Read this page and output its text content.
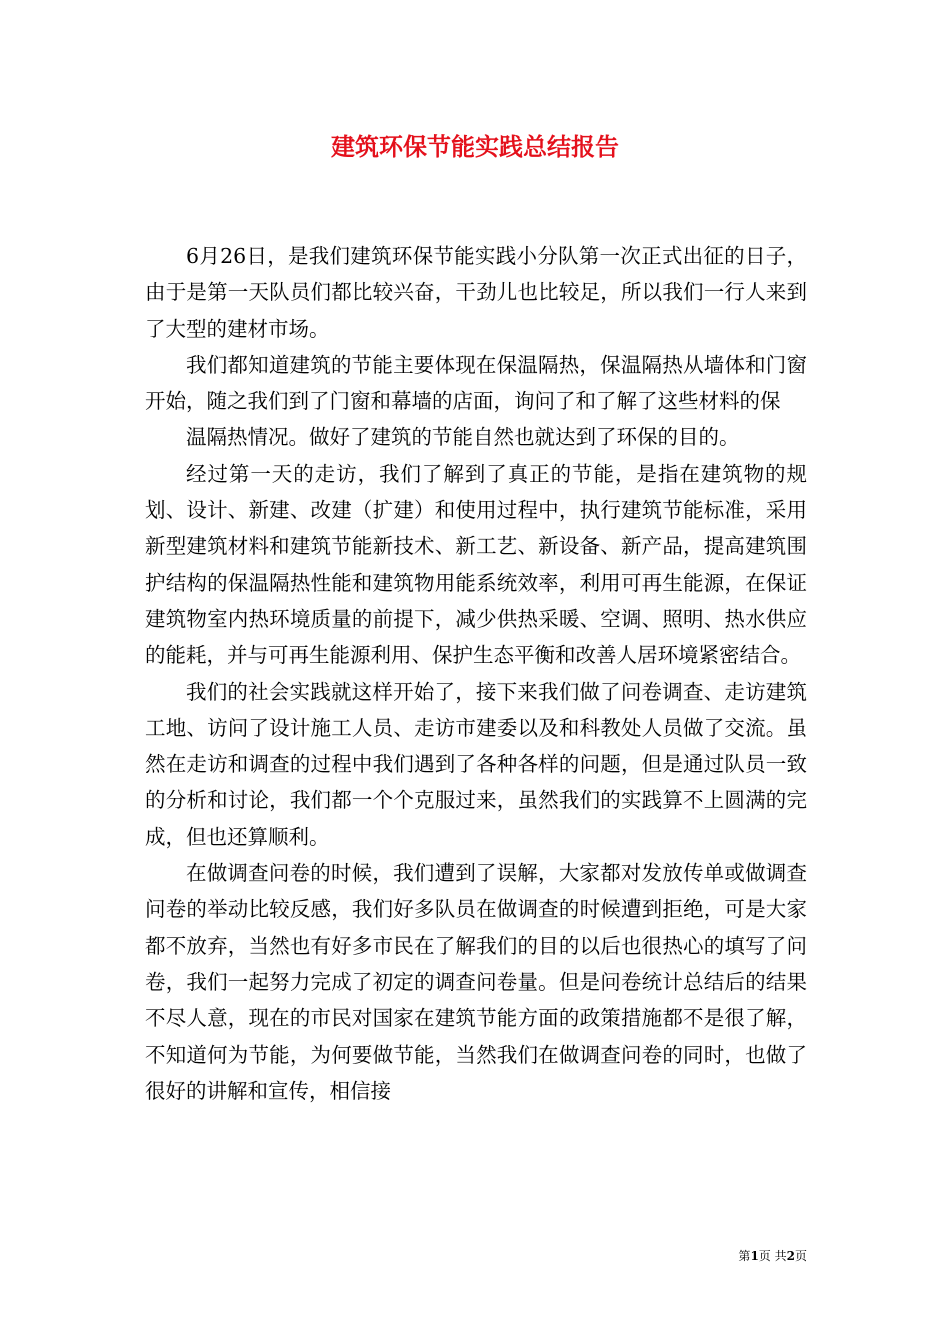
建筑环保节能实践总结报告

6月26日，是我们建筑环保节能实践小分队第一次正式出征的日子，由于是第一天队员们都比较兴奋，干劲儿也比较足，所以我们一行人来到了大型的建材市场。

我们都知道建筑的节能主要体现在保温隔热，保温隔热从墙体和门窗开始，随之我们到了门窗和幕墙的店面，询问了和了解了这些材料的保

温隔热情况。做好了建筑的节能自然也就达到了环保的目的。

经过第一天的走访，我们了解到了真正的节能，是指在建筑物的规划、设计、新建、改建（扩建）和使用过程中，执行建筑节能标准，采用新型建筑材料和建筑节能新技术、新工艺、新设备、新产品，提高建筑围护结构的保温隔热性能和建筑物用能系统效率，利用可再生能源，在保证建筑物室内热环境质量的前提下，减少供热采暖、空调、照明、热水供应的能耗，并与可再生能源利用、保护生态平衡和改善人居环境紧密结合。

我们的社会实践就这样开始了，接下来我们做了问卷调查、走访建筑工地、访问了设计施工人员、走访市建委以及和科教处人员做了交流。虽然在走访和调查的过程中我们遇到了各种各样的问题，但是通过队员一致的分析和讨论，我们都一个个克服过来，虽然我们的实践算不上圆满的完成，但也还算顺利。

在做调查问卷的时候，我们遭到了误解，大家都对发放传单或做调查问卷的举动比较反感，我们好多队员在做调查的时候遭到拒绝，可是大家都不放弃，当然也有好多市民在了解我们的目的以后也很热心的填写了问卷，我们一起努力完成了初定的调查问卷量。但是问卷统计总结后的结果不尽人意，现在的市民对国家在建筑节能方面的政策措施都不是很了解，不知道何为节能，为何要做节能，当然我们在做调查问卷的同时，也做了很好的讲解和宣传，相信接

第1页 共2页
